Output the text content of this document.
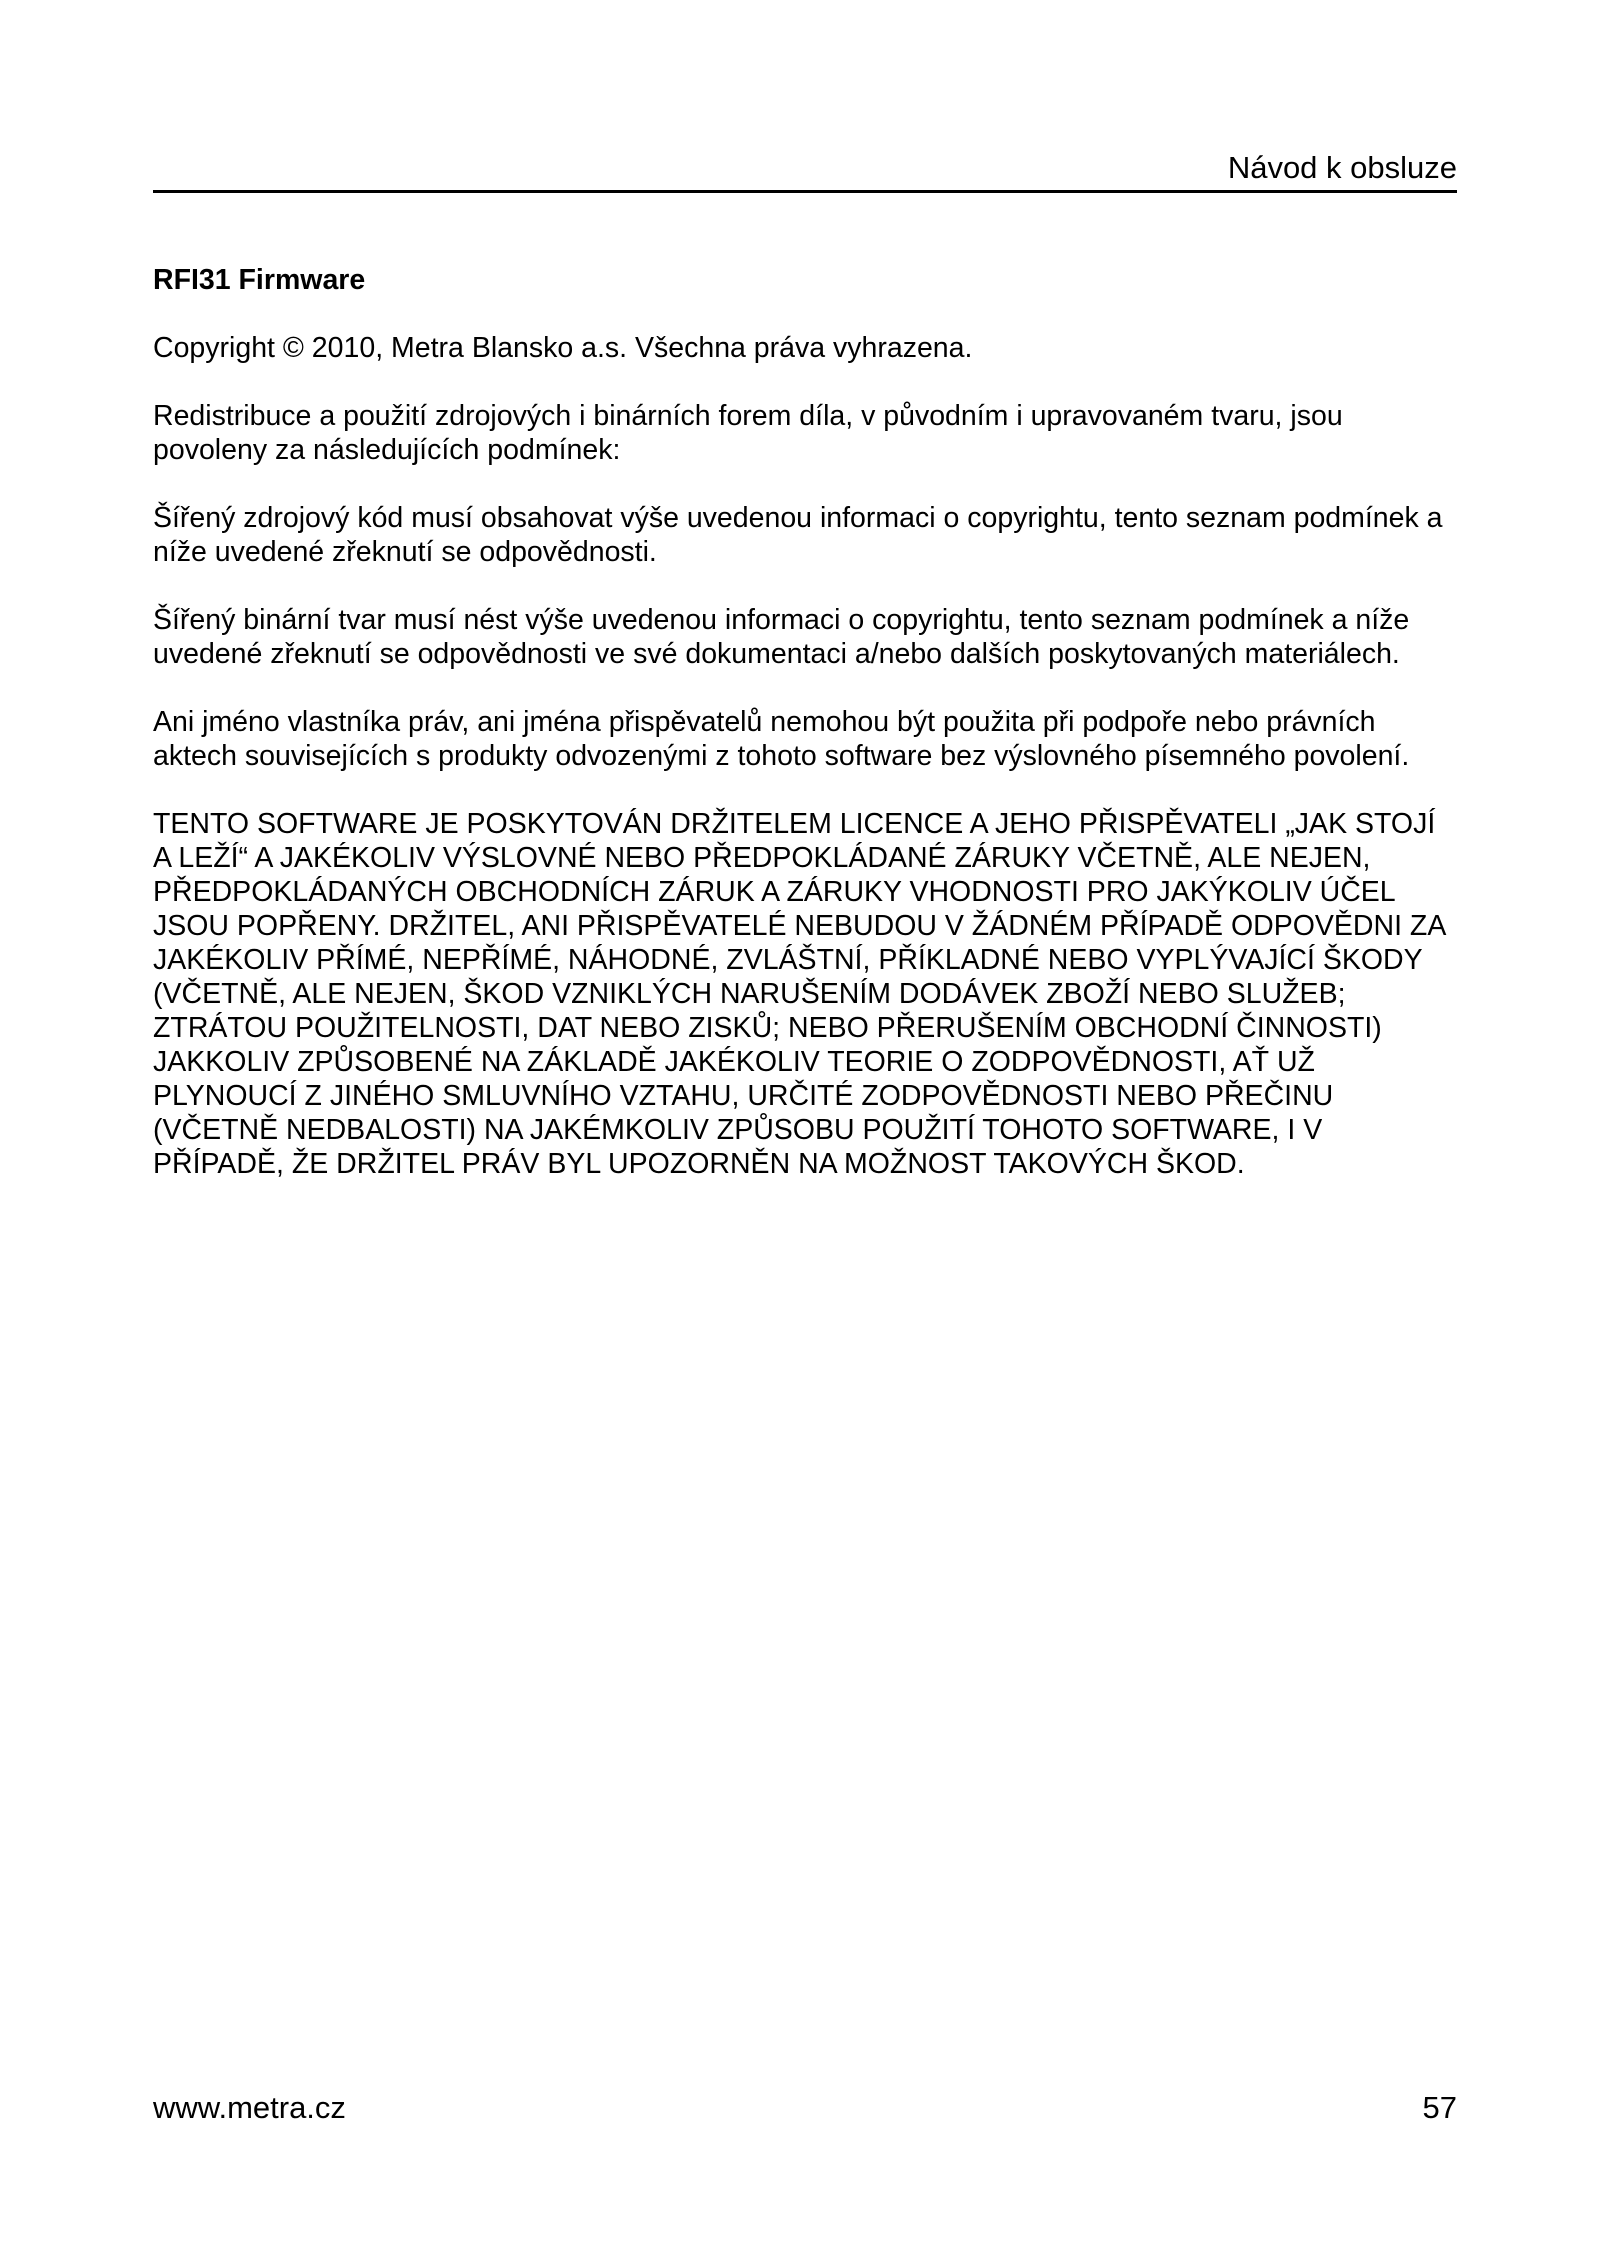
Návod k obsluze
RFI31 Firmware

Copyright © 2010, Metra Blansko a.s. Všechna práva vyhrazena.

Redistribuce a použití zdrojových i binárních forem díla, v původním i upravovaném tvaru, jsou povoleny za následujících podmínek:

Šířený zdrojový kód musí obsahovat výše uvedenou informaci o copyrightu, tento seznam podmínek a níže uvedené zřeknutí se odpovědnosti.

Šířený binární tvar musí nést výše uvedenou informaci o copyrightu, tento seznam podmínek a níže uvedené zřeknutí se odpovědnosti ve své dokumentaci a/nebo dalších poskytovaných materiálech.

Ani jméno vlastníka práv, ani jména přispěvatelů nemohou být použita při podpoře nebo právních aktech souvisejících s produkty odvozenými z tohoto software bez výslovného písemného povolení.

TENTO SOFTWARE JE POSKYTOVÁN DRŽITELEM LICENCE A JEHO PŘISPĚVATELI „JAK STOJÍ A LEŽÍ“ A JAKÉKOLIV VÝSLOVNÉ NEBO PŘEDPOKLÁDANÉ ZÁRUKY VČETNĚ, ALE NEJEN, PŘEDPOKLÁDANÝCH OBCHODNÍCH ZÁRUK A ZÁRUKY VHODNOSTI PRO JAKÝKOLIV ÚČEL JSOU POPŘENY. DRŽITEL, ANI PŘISPĚVATELÉ NEBUDOU V ŽÁDNÉM PŘÍPADĚ ODPOVĚDNI ZA JAKÉKOLIV PŘÍMÉ, NEPŘÍMÉ, NÁHODNÉ, ZVLÁŠTNÍ, PŘÍKLADNÉ NEBO VYPLÝVAJÍCÍ ŠKODY (VČETNĚ, ALE NEJEN, ŠKOD VZNIKLÝCH NARUŠENÍM DODÁVEK ZBOŽÍ NEBO SLUŽEB; ZTRÁTOU POUŽITELNOSTI, DAT NEBO ZISKŮ; NEBO PŘERUŠENÍM OBCHODNÍ ČINNOSTI) JAKKOLIV ZPŮSOBENÉ NA ZÁKLADĚ JAKÉKOLIV TEORIE O ZODPOVĚDNOSTI, AŤ UŽ PLYNOUCÍ Z JINÉHO SMLUVNÍHO VZTAHU, URČITÉ ZODPOVĚDNOSTI NEBO PŘEČINU (VČETNĚ NEDBALOSTI) NA JAKÉMKOLIV ZPŮSOBU POUŽITÍ TOHOTO SOFTWARE, I V PŘÍPADĚ, ŽE DRŽITEL PRÁV BYL UPOZORNĚN NA MOŽNOST TAKOVÝCH ŠKOD.

www.metra.cz	57
